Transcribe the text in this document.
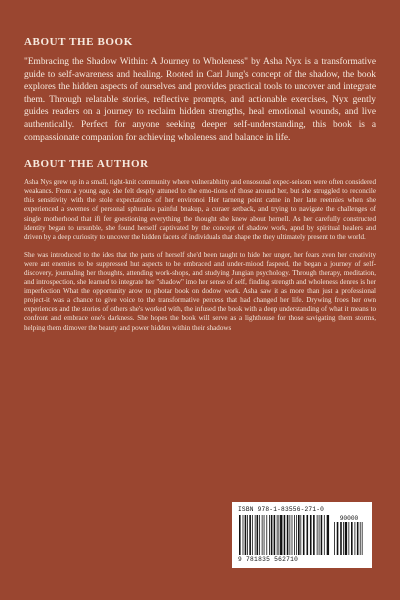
ABOUT THE BOOK

"Embracing the Shadow Within: A Journey to Wholeness" by Asha Nyx is a transformative guide to self-awareness and healing. Rooted in Carl Jung's concept of the shadow, the book explores the hidden aspects of ourselves and provides practical tools to uncover and integrate them. Through relatable stories, reflective prompts, and actionable exercises, Nyx gently guides readers on a journey to reclaim hidden strengths, heal emotional wounds, and live authentically. Perfect for anyone seeking deeper self-understanding, this book is a compassionate companion for achieving wholeness and balance in life.

ABOUT THE AUTHOR

Asha Nys grew up in a small, tight-knit community where vulnerabhitty and ensosonal expec-seisom were often considered weakancs. From a young age, she felt desply attuned to the emo-tions of those around her, but she struggled to reconcile this sensitivity with the stole expectations of her environoi Her tarneng point catne in her late reennies when she experienced a swemes of personal sphuralea painful bnakup, a curaer setback, and trying to navigate the challenges of single motherhood that ifi fer goestioning everything the thought she knew about hernell. As her carefully constructed identity began to ursunble, she found herself captivated by the concept of shadow work, apnd by spiritual healers and driven by a deep curiosity to uncover the hidden facets of individuals that shape the they ultimately present to the world.

She was introduced to the ides that the parts of herself she'd been taught to hide her unger, her fears zven her creativity were ant enemies to be suppressed hut aspects to be embraced and under-miood faspeed, the began a journey of self-discovery, journaling her thoughts, attending work-shops, and studying Jungian psychology. Through therapy, meditation, and introspection, she learned to integrate her "shadow" imo her sense of self, finding strength and wholeness denres is her imperfection What the opportunity arow to photar book on dodow work. Asha saw it as more than just a professional project-it was a chance to give voice to the transformative percess that had changed her life. Drywing froes her own experiences and the stories of others she's worked with, the infused the book with a deep understanding of what it means to confront and embrace one's darkness. She hopes the book will serve as a lighthouse for those savigating them storms, helping them dimover the beauty and power hidden within their shadows

ISBN 978-1-83556-271-0
90000
9 781835 562710
